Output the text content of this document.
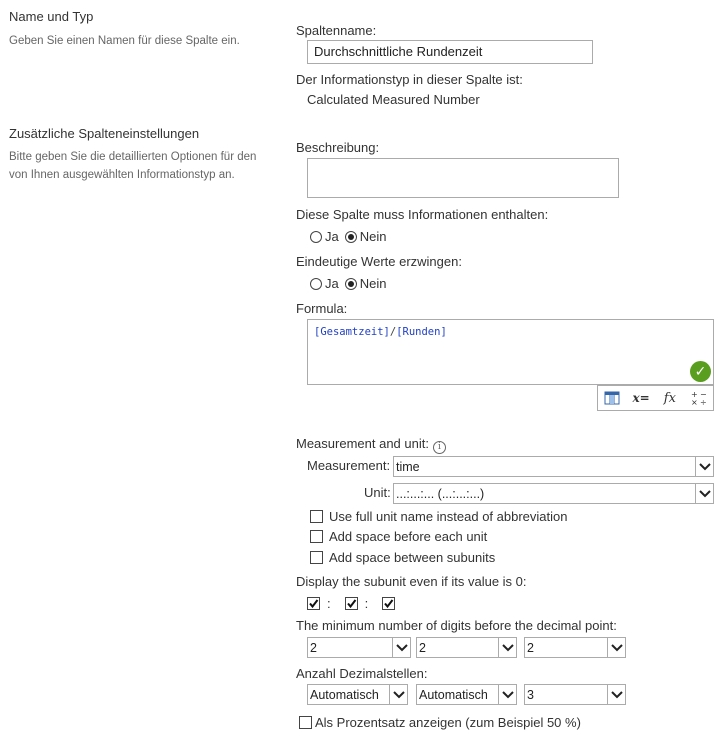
Name und Typ
Geben Sie einen Namen für diese Spalte ein.
Zusätzliche Spalteneinstellungen
Bitte geben Sie die detaillierten Optionen für den von Ihnen ausgewählten Informationstyp an.
Spaltenname:
Durchschnittliche Rundenzeit
Der Informationstyp in dieser Spalte ist:
Calculated Measured Number
Beschreibung:
Diese Spalte muss Informationen enthalten:
Ja Nein
Eindeutige Werte erzwingen:
Ja Nein
Formula:
[Gesamtzeit]/[Runden]
✓
x=	fx	+ −
× ÷
Measurement and unit: i
Measurement: time
Unit: ...:...:... (...:...:...)
Use full unit name instead of abbreviation
Add space before each unit
Add space between subunits
Display the subunit even if its value is 0:
:	:
The minimum number of digits before the decimal point:
2	2	2
Anzahl Dezimalstellen:
Automatisch	Automatisch	3
Als Prozentsatz anzeigen (zum Beispiel 50 %)
